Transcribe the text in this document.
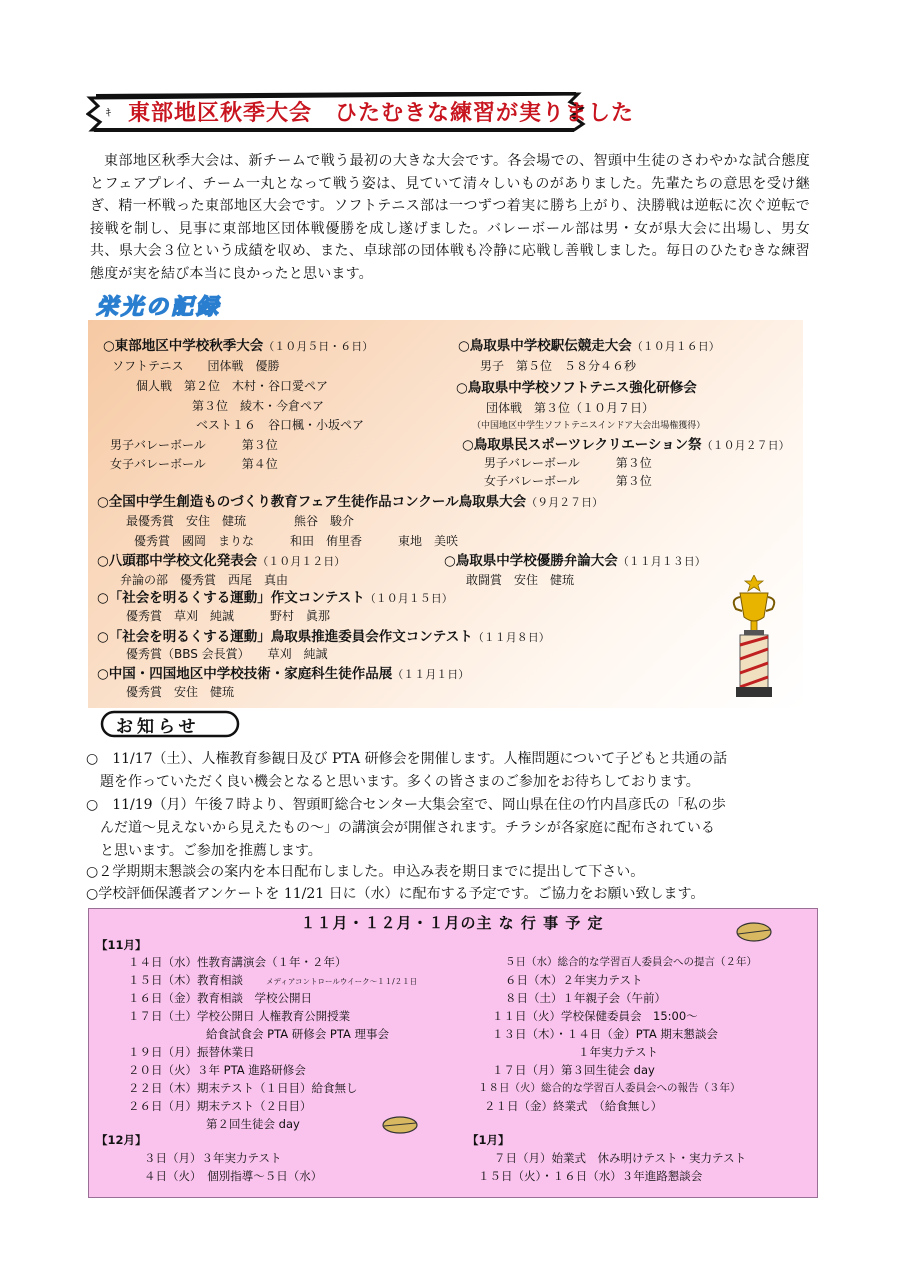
ｷ 東部地区秋季大会　ひたむきな練習が実りました
東部地区秋季大会は、新チームで戦う最初の大きな大会です。各会場での、智頭中生徒のさわやかな試合態度とフェアプレイ、チーム一丸となって戦う姿は、見ていて清々しいものがありました。先輩たちの意思を受け継ぎ、精一杯戦った東部地区大会です。ソフトテニス部は一つずつ着実に勝ち上がり、決勝戦は逆転に次ぐ逆転で接戦を制し、見事に東部地区団体戦優勝を成し遂げました。バレーボール部は男・女が県大会に出場し、男女共、県大会３位という成績を収め、また、卓球部の団体戦も冷静に応戦し善戦しました。毎日のひたむきな練習態度が実を結び本当に良かったと思います。
栄光の記録
○東部地区中学校秋季大会（１０月５日・６日）
ソフトテニス　　団体戦　優勝
個人戦　第２位　木村・谷口愛ペア
第３位　綾木・今倉ペア
ベスト１６　谷口楓・小坂ペア
男子バレーボール　　　第３位
女子バレーボール　　　第４位
○鳥取県中学校駅伝競走大会（１０月１６日）
男子　第５位　５８分４６秒
○鳥取県中学校ソフトテニス強化研修会
団体戦　第３位（１０月７日）
（中国地区中学生ソフトテニスインドア大会出場権獲得）
○鳥取県民スポーツレクリエーション祭（１０月２７日）
男子バレーボール　　　第３位
女子バレーボール　　　第３位
○全国中学生創造ものづくり教育フェア生徒作品コンクール鳥取県大会（９月２７日）
最優秀賞　安住　健琉　　　　熊谷　駿介
優秀賞　國岡　まりな　　　和田　侑里香　　　東地　美咲
○八頭郡中学校文化発表会（１０月１２日）
弁論の部　優秀賞　西尾　真由
○鳥取県中学校優勝弁論大会（１１月１３日）
敢闘賞　安住　健琉
○「社会を明るくする運動」作文コンテスト（１０月１５日）
優秀賞　草刈　純誠　　　野村　眞那
○「社会を明るくする運動」鳥取県推進委員会作文コンテスト（１１月８日）
優秀賞（BBS 会長賞）　　草刈　純誠
○中国・四国地区中学校技術・家庭科生徒作品展（１１月１日）
優秀賞　安住　健琉
お知らせ
○　11/17（土）、人権教育参観日及び PTA 研修会を開催します。人権問題について子どもと共通の話
　題を作っていただく良い機会となると思います。多くの皆さまのご参加をお待ちしております。
○　11/19（月）午後７時より、智頭町総合センター大集会室で、岡山県在住の竹内昌彦氏の「私の歩
　んだ道～見えないから見えたもの～」の講演会が開催されます。チラシが各家庭に配布されている
　と思います。ご参加を推薦します。
○２学期期末懇談会の案内を本日配布しました。申込み表を期日までに提出して下さい。
○学校評価保護者アンケートを 11/21 日に（水）に配布する予定です。ご協力をお願い致します。
１１月・１２月・１月の主 な 行 事 予 定
【11月】
１４日（水）性教育講演会（１年・２年）
１５日（木）教育相談　　	メディアコントロールウイーク～１１/２１日
１６日（金）教育相談　学校公開日
１７日（土）学校公開日 人権教育公開授業
給食試食会 PTA 研修会 PTA 理事会
１９日（月）振替休業日
２０日（火）３年 PTA 進路研修会
２２日（木）期末テスト（１日目）給食無し
２６日（月）期末テスト（２日目）
第２回生徒会 day
５日（水）総合的な学習百人委員会への提言（２年）
６日（木）２年実力テスト
８日（土）１年親子会（午前）
１１日（火）学校保健委員会　15:00～
１３日（木）・１４日（金）PTA 期末懇談会
１年実力テスト
１７日（月）第３回生徒会 day
１８日（火）総合的な学習百人委員会への報告（３年）
２１日（金）終業式　（給食無し）
【12月】
３日（月）３年実力テスト
４日（火）　個別指導～５日（水）
【1月】
７日（月）始業式　休み明けテスト・実力テスト
１５日（火）・１６日（水）３年進路懇談会
